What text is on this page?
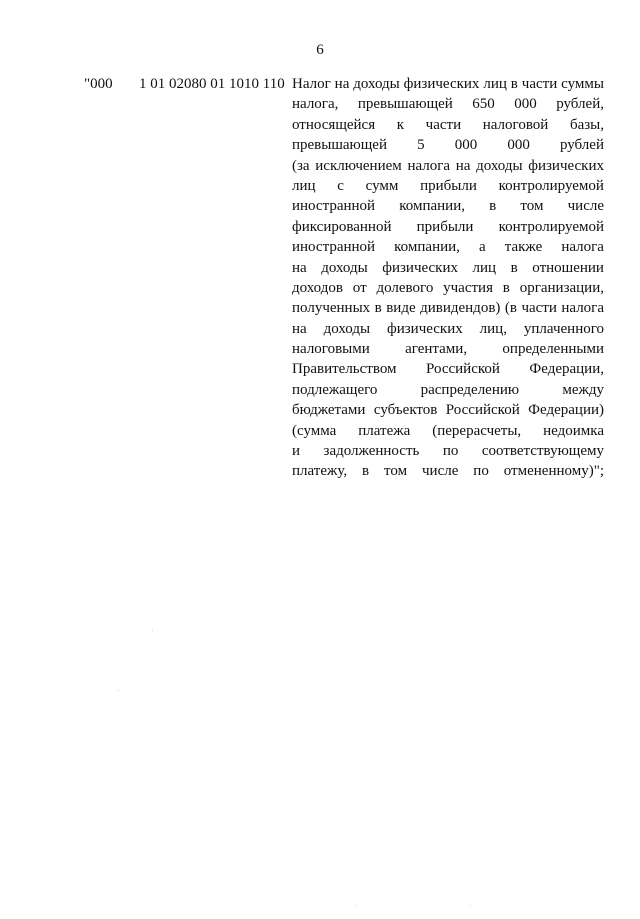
6
"000 1 01 02080 01 1010 110 Налог на доходы физических лиц в части суммы
налога, превышающей 650 000 рублей,
относящейся к части налоговой базы,
превышающей 5 000 000 рублей
(за исключением налога на доходы физических
лиц с сумм прибыли контролируемой
иностранной компании, в том числе
фиксированной прибыли контролируемой
иностранной компании, а также налога
на доходы физических лиц в отношении
доходов от долевого участия в организации,
полученных в виде дивидендов) (в части налога
на доходы физических лиц, уплаченного
налоговыми агентами, определенными
Правительством Российской Федерации,
подлежащего	распределению	между
бюджетами субъектов Российской Федерации)
(сумма платежа (перерасчеты, недоимка
и задолженность по соответствующему
платежу, в том числе по отмененному)";
